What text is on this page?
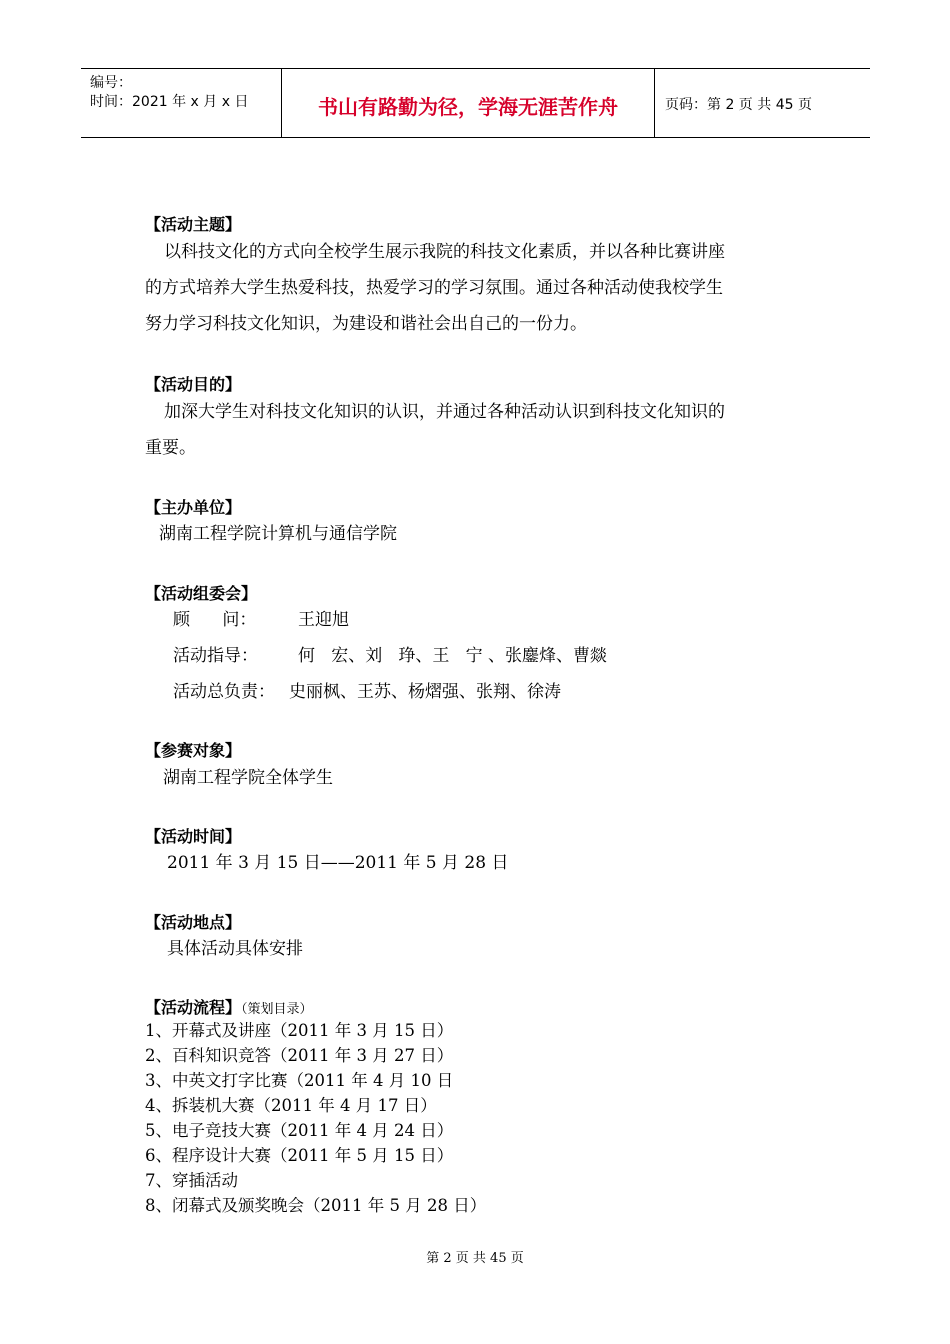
编号：
时间：2021 年 x 月 x 日	书山有路勤为径，学海无涯苦作舟	页码：第 2 页 共 45 页
【活动主题】
以科技文化的方式向全校学生展示我院的科技文化素质，并以各种比赛讲座
的方式培养大学生热爱科技，热爱学习的学习氛围。通过各种活动使我校学生
努力学习科技文化知识，为建设和谐社会出自己的一份力。
【活动目的】
加深大学生对科技文化知识的认识，并通过各种活动认识到科技文化知识的
重要。
【主办单位】
湖南工程学院计算机与通信学院
【活动组委会】
顾      问： 王迎旭
活动指导： 何   宏、刘   琤、王   宁 、张鏖烽、曹燚
活动总负责： 史丽枫、王苏、杨熠强、张翔、徐涛
【参赛对象】
湖南工程学院全体学生
【活动时间】
2011 年 3 月 15 日——2011 年 5 月 28 日
【活动地点】
具体活动具体安排
【活动流程】（策划目录）
1、开幕式及讲座（2011 年 3 月 15 日）
2、百科知识竞答（2011 年 3 月 27 日）
3、中英文打字比赛（2011 年 4 月 10 日
4、拆装机大赛（2011 年 4 月 17 日）
5、电子竞技大赛（2011 年 4 月 24 日）
6、程序设计大赛（2011 年 5 月 15 日）
7、穿插活动
8、闭幕式及颁奖晚会（2011 年 5 月 28 日）
第 2 页 共 45 页
